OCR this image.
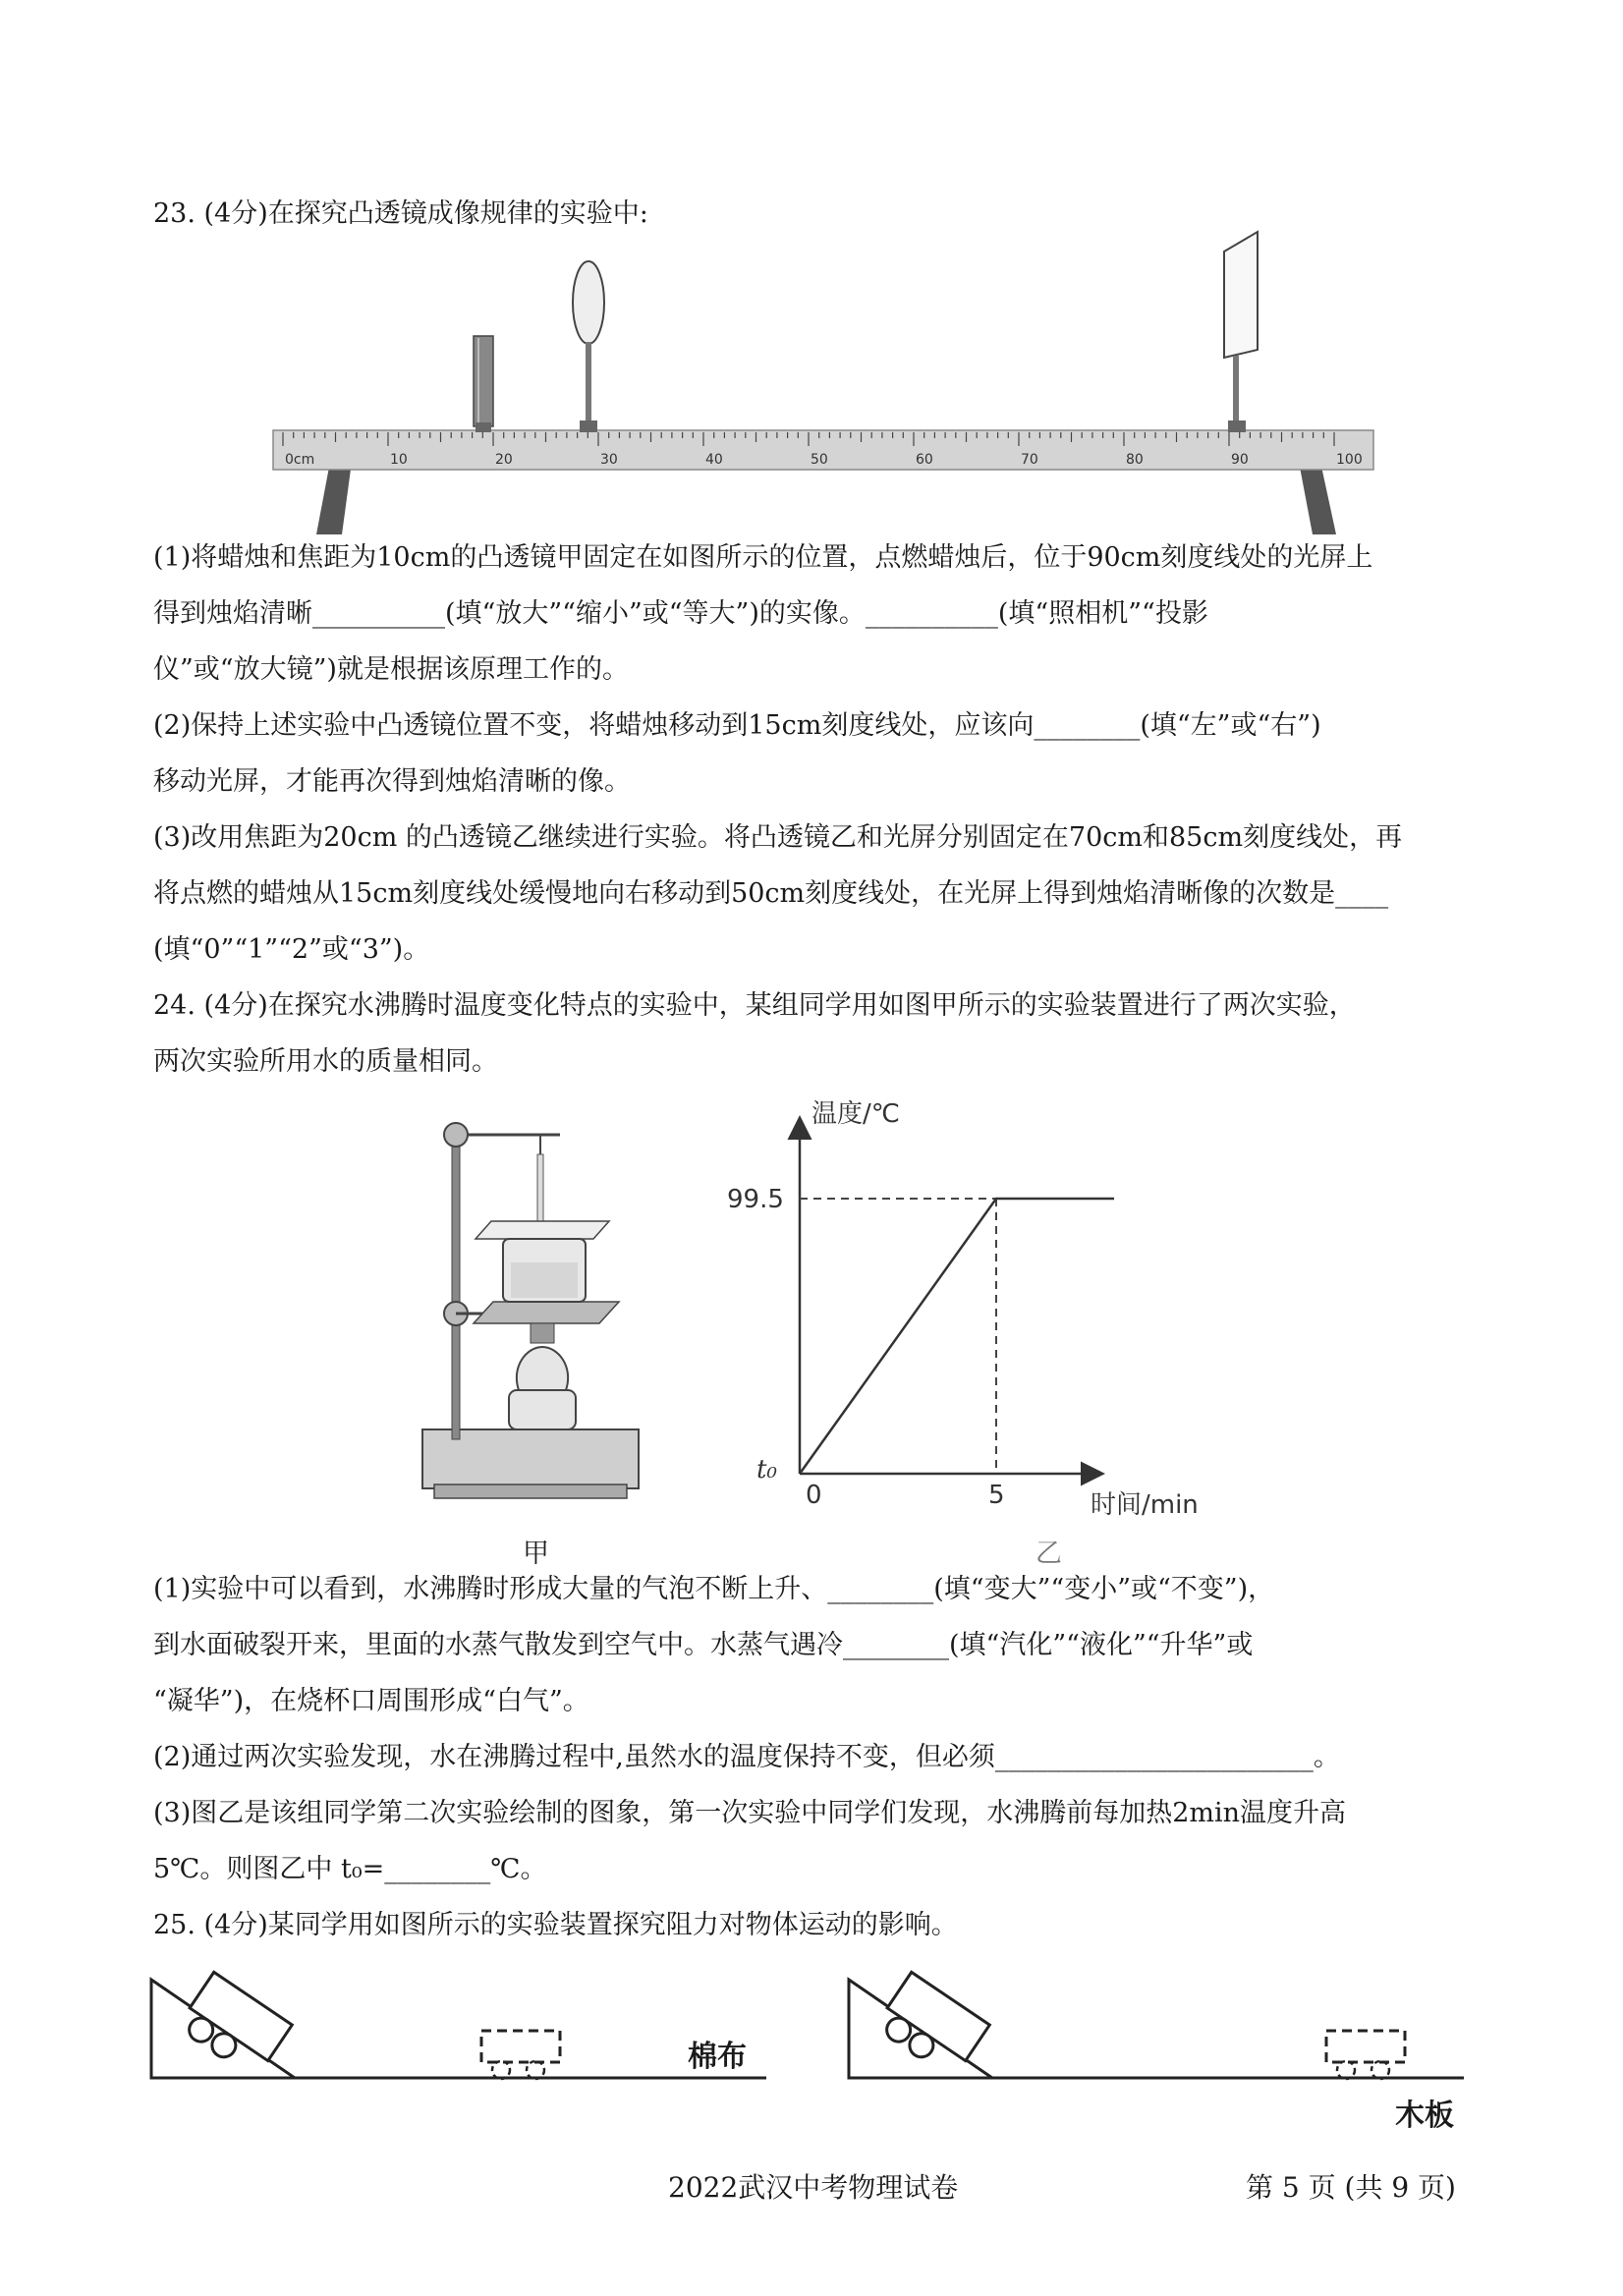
23. (4分)在探究凸透镜成像规律的实验中:
0cm	10	20	30	40	50	60	70	80	90	100
(1)将蜡烛和焦距为10cm的凸透镜甲固定在如图所示的位置，点燃蜡烛后，位于90cm刻度线处的光屏上
得到烛焰清晰__________(填“放大”“缩小”或“等大”)的实像。__________(填“照相机”“投影
仪”或“放大镜”)就是根据该原理工作的。
(2)保持上述实验中凸透镜位置不变，将蜡烛移动到15cm刻度线处，应该向________(填“左”或“右”)
移动光屏，才能再次得到烛焰清晰的像。
(3)改用焦距为20cm 的凸透镜乙继续进行实验。将凸透镜乙和光屏分别固定在70cm和85cm刻度线处，再
将点燃的蜡烛从15cm刻度线处缓慢地向右移动到50cm刻度线处，在光屏上得到烛焰清晰像的次数是____
(填“0”“1”“2”或“3”)。
24. (4分)在探究水沸腾时温度变化特点的实验中，某组同学用如图甲所示的实验装置进行了两次实验，
两次实验所用水的质量相同。
甲
温度/℃
时间/min
99.5
t₀
0	5
乙
(1)实验中可以看到，水沸腾时形成大量的气泡不断上升、________(填“变大”“变小”或“不变”)，
到水面破裂开来，里面的水蒸气散发到空气中。水蒸气遇冷________(填“汽化”“液化”“升华”或
“凝华”)，在烧杯口周围形成“白气”。
(2)通过两次实验发现，水在沸腾过程中,虽然水的温度保持不变，但必须________________________。
(3)图乙是该组同学第二次实验绘制的图象，第一次实验中同学们发现，水沸腾前每加热2min温度升高
5℃。则图乙中 t₀=________℃。
25. (4分)某同学用如图所示的实验装置探究阻力对物体运动的影响。
棉布
木板
2022武汉中考物理试卷	第 5 页 (共 9 页)
